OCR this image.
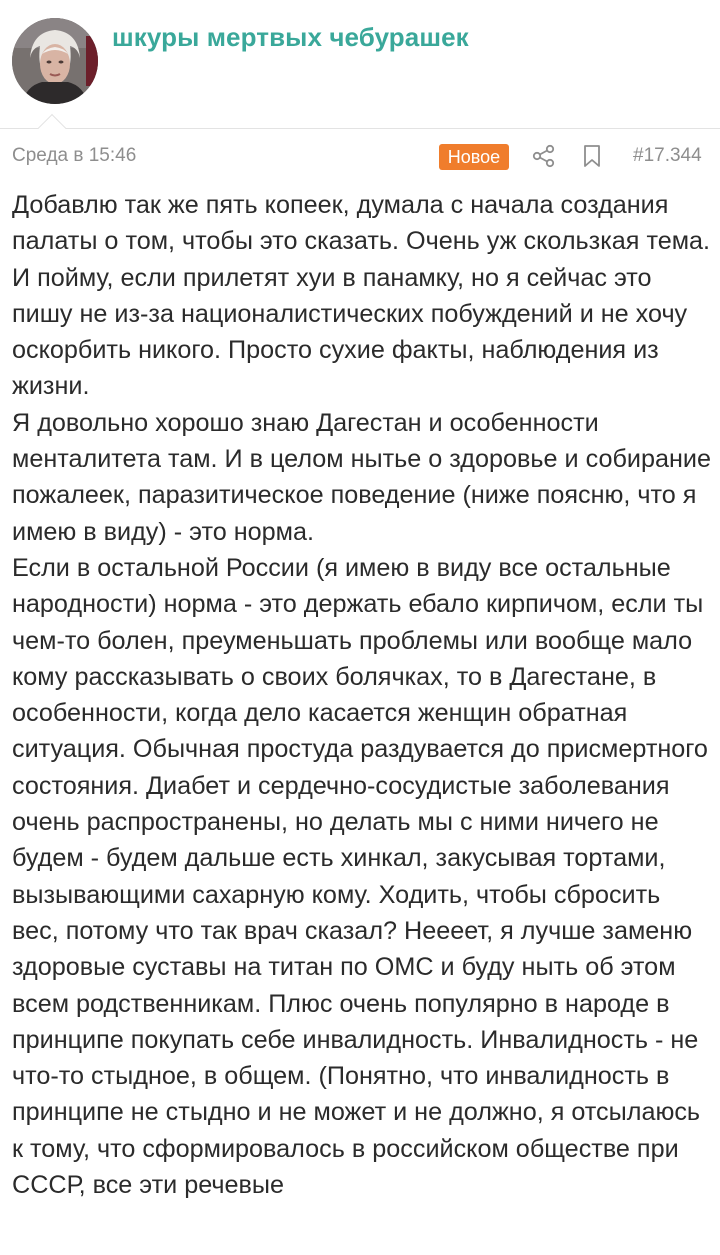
шкуры мертвых чебурашек
Среда в 15:46	Новое	#17.344

Добавлю так же пять копеек, думала с начала создания палаты о том, чтобы это сказать. Очень уж скользкая тема. И пойму, если прилетят хуи в панамку, но я сейчас это пишу не из-за националистических побуждений и не хочу оскорбить никого. Просто сухие факты, наблюдения из жизни.

Я довольно хорошо знаю Дагестан и особенности менталитета там. И в целом нытье о здоровье и собирание пожалеек, паразитическое поведение (ниже поясню, что я имею в виду) - это норма.

Если в остальной России (я имею в виду все остальные народности) норма - это держать ебало кирпичом, если ты чем-то болен, преуменьшать проблемы или вообще мало кому рассказывать о своих болячках, то в Дагестане, в особенности, когда дело касается женщин обратная ситуация. Обычная простуда раздувается до присмертного состояния. Диабет и сердечно-сосудистые заболевания очень распространены, но делать мы с ними ничего не будем - будем дальше есть хинкал, закусывая тортами, вызывающими сахарную кому. Ходить, чтобы сбросить вес, потому что так врач сказал? Неееет, я лучше заменю здоровые суставы на титан по ОМС и буду ныть об этом всем родственникам. Плюс очень популярно в народе в принципе покупать себе инвалидность. Инвалидность - не что-то стыдное, в общем. (Понятно, что инвалидность в принципе не стыдно и не может и не должно, я отсылаюсь к тому, что сформировалось в российском обществе при СССР, все эти речевые
